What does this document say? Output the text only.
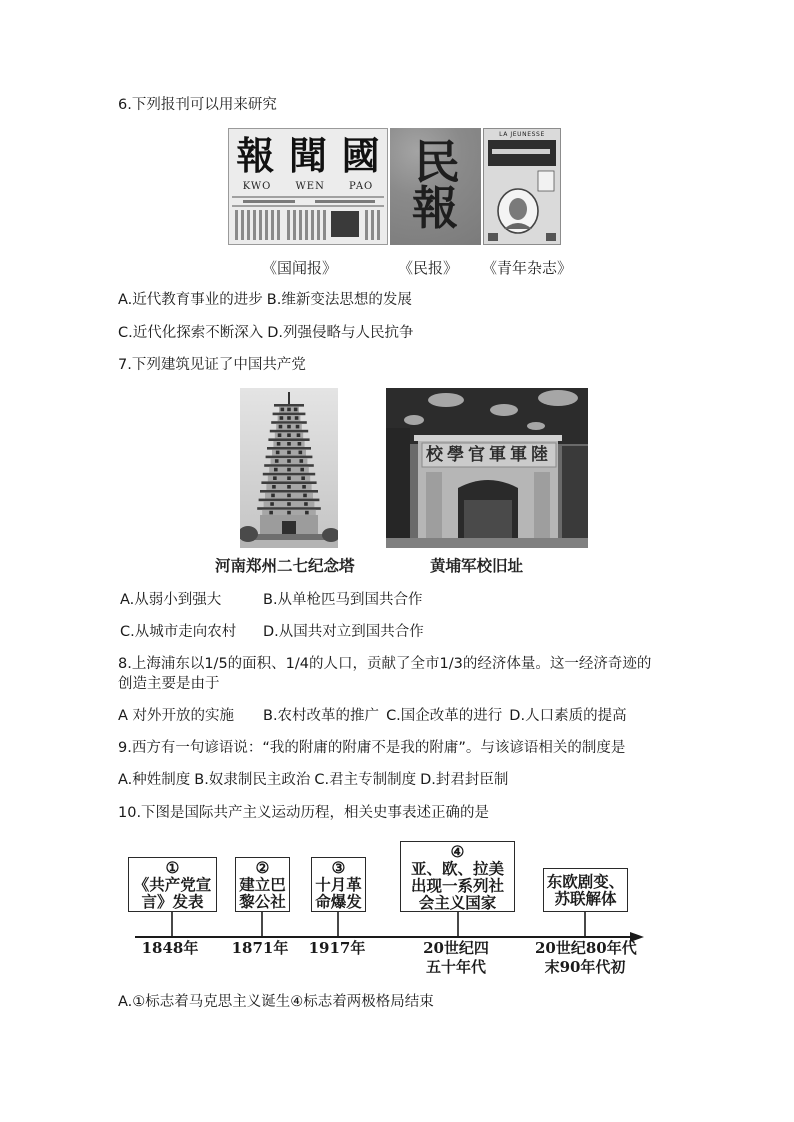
6.下列报刊可以用来研究
報 聞 國
KWO WEN PAO 民
報
LA JEUNESSE
《国闻报》	《民报》 《青年杂志》
A.近代教育事业的进步 B.维新变法思想的发展
C.近代化探索不断深入 D.列强侵略与人民抗争
7.下列建筑见证了中国共产党
校學官軍軍陸
河南郑州二七纪念塔	黄埔军校旧址
A.从弱小到强大	B.从单枪匹马到国共合作
C.从城市走向农村 D.从国共对立到国共合作
8.上海浦东以1/5的面积、1/4的人口，贡献了全市1/3的经济体量。这一经济奇迹的
创造主要是由于
A 对外开放的实施 B.农村改革的推广 C.国企改革的进行 D.人口素质的提高
9.西方有一句谚语说：“我的附庸的附庸不是我的附庸”。与该谚语相关的制度是
A.种姓制度 B.奴隶制民主政治 C.君主专制制度 D.封君封臣制
10.下图是国际共产主义运动历程，相关史事表述正确的是
①
《共产党宣
言》发表
②
建立巴
黎公社
③
十月革
命爆发
④
亚、欧、拉美
出现一系列社
会主义国家
东欧剧变、
苏联解体
1848年	1871年	1917年	20世纪四
五十年代
20世纪80年代
末90年代初
A.①标志着马克思主义诞生④标志着两极格局结束
